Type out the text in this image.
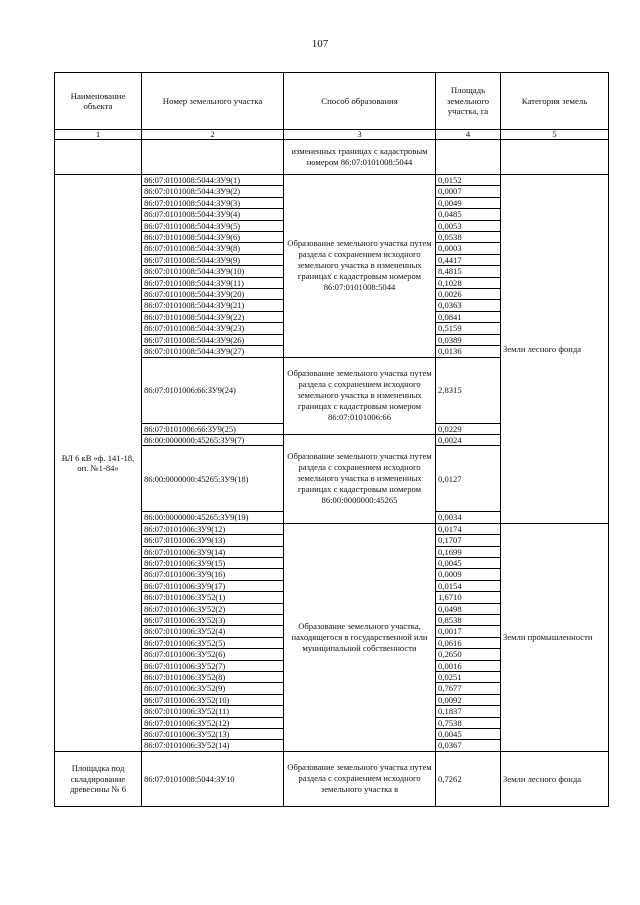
107
Наименование объекта	Номер земельного участка	Способ образования	Площадь земельного участка, га	Категория земель
1	2	3	4	5
		измененных границах с кадастровым номером 86:07:0101008:5044		
ВЛ 6 кВ «ф. 141-18, оп. №1-84»	86:07:0101008:5044:ЗУ9(1)	Образование земельного участка путем раздела с сохранением исходного земельного участка в измененных границах с кадастровым номером 86:07:0101008:5044	0,0152	Земли лесного фонда
	86:07:0101008:5044:ЗУ9(2)		0,0007	
	86:07:0101008:5044:ЗУ9(3)		0,0049	
	86:07:0101008:5044:ЗУ9(4)		0,0485	
	86:07:0101008:5044:ЗУ9(5)		0,0053	
	86:07:0101008:5044:ЗУ9(6)		0,0538	
	86:07:0101008:5044:ЗУ9(8)		0,0003	
	86:07:0101008:5044:ЗУ9(9)		0,4417	
	86:07:0101008:5044:ЗУ9(10)		8,4815	
	86:07:0101008:5044:ЗУ9(11)		0,1028	
	86:07:0101008:5044:ЗУ9(20)		0,0026	
	86:07:0101008:5044:ЗУ9(21)		0,0363	
	86:07:0101008:5044:ЗУ9(22)		0,0841	
	86:07:0101008:5044:ЗУ9(23)		0,5159	
	86:07:0101008:5044:ЗУ9(26)		0,0389	
	86:07:0101008:5044:ЗУ9(27)		0,0136	
	86:07:0101006:66:ЗУ9(24)	Образование земельного участка путем раздела с сохранением исходного земельного участка в измененных границах с кадастровым номером 86:07:0101006:66	2,8315	
	86:07:0101006:66:ЗУ9(25)		0,0229	
	86:00:0000000:45265:ЗУ9(7)	Образование земельного участка путем раздела с сохранением исходного земельного участка в измененных границах с кадастровым номером 86:00:0000000:45265	0,0024	
	86:00:0000000:45265:ЗУ9(18)		0,0127	
	86:00:0000000:45265:ЗУ9(19)		0,0034	
	86:07:0101006:ЗУ9(12)	Образование земельного участка, находящегося в государственной или муниципальной собственности	0,0174	Земли промышленности
	86:07:0101006:ЗУ9(13)		0,1707	
	86:07:0101006:ЗУ9(14)		0,1699	
	86:07:0101006:ЗУ9(15)		0,0045	
	86:07:0101006:ЗУ9(16)		0,0009	
	86:07:0101006:ЗУ9(17)		0,0154	
	86:07:0101006:ЗУ52(1)		1,6710	
	86:07:0101006:ЗУ52(2)		0,0498	
	86:07:0101006:ЗУ52(3)		0,8538	
	86:07:0101006:ЗУ52(4)		0,0017	
	86:07:0101006:ЗУ52(5)		0,0616	
	86:07:0101006:ЗУ52(6)		0,2650	
	86:07:0101006:ЗУ52(7)		0,0016	
	86:07:0101006:ЗУ52(8)		0,0251	
	86:07:0101006:ЗУ52(9)		0,7677	
	86:07:0101006:ЗУ52(10)		0,0092	
	86:07:0101006:ЗУ52(11)		0,1837	
	86:07:0101006:ЗУ52(12)		0,7538	
	86:07:0101006:ЗУ52(13)		0,0045	
	86:07:0101006:ЗУ52(14)		0,0367	
Площадка под складирование древесины № 6	86:07:0101008:5044:ЗУ10	Образование земельного участка путем раздела с сохранением исходного земельного участка в	0,7262	Земли лесного фонда
